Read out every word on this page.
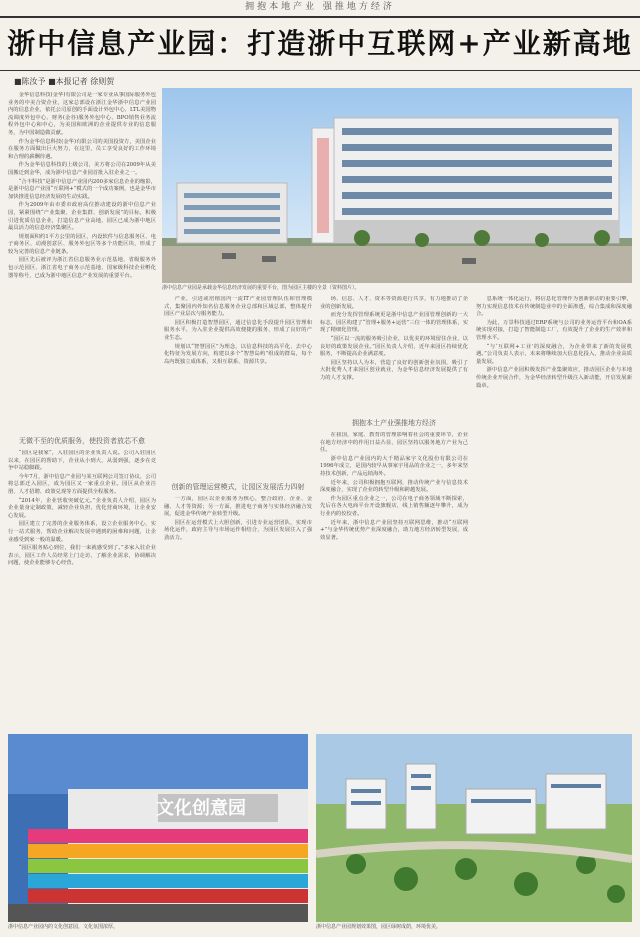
拥抱本地产业 强推地方经济
浙中信息产业园：打造浙中互联网+产业新高地
■陈汝予 ■本报记者 徐则贺
浙中信息产业园是承载金华信息经济发展的重要平台，图为园区主楼的全景（资料图片）。

金华信息科技(金华)有限公司是一家专业从事国际服务外包业务的中美合资企业，这家总部设在浙江金华浙中信息产业园内的信息企业，依托公司原创的手面设计外包中心、LTL美国物流调度外包中心、财务(金谷)服务外包中心、BPO销售业务流程外包中心和中心，为美国和欧洲的企业提供专业的信息服务，为中国制造做贡献。

作为金华信息科技(金华)有限公司的美国投资方，美国企业在服务方面做出巨大努力，在这里，员工享受良好的工作环境和合理的薪酬待遇。

作为金华信息科技的上级公司，美方将公司在2009年从美国搬迁到金华，成为浙中信息产业园首批入驻企业之一。

“合丰科技”是浙中信息产业园内200多家信息企业的缩影，是浙中信息产业园“互联网+”模式的一个成功案例，也是金华市加快推进信息经济发展的生动实践。

作为2009年由市委市政府高位推动建设的浙中信息产业园，紧紧围绕“产业集聚、企业集群、创新发展”的目标，积极引进优质信息企业，打造信息产业高地，园区已成为浙中地区最具活力的信息经济集聚区。

规划面积约1平方公里的园区，内设软件与信息服务区、电子商务区、动漫创意区、服务外包区等多个功能区块，形成了较为完善的信息产业链条。

园区先后被评为浙江省信息服务业示范基地、省级服务外包示范园区、浙江省电子商务示范基地、国家级科技企业孵化器等称号，已成为浙中地区信息产业发展的重要平台。

无微不至的优质服务，使投资者放芯不愈

“园区是我家”，入驻园区的企业负责人说。公司入驻园区以来，在园区的帮助下，企业从小到大，从弱到强，逐步在竞争中站稳脚跟。

今年7月，浙中信息产业园与某互联网公司签订协议，公司将总部迁入园区，成为园区又一家重点企业。园区从企业注册、人才招聘、政策兑现等方面提供全程服务。

“2014年，企业营收突破亿元。”企业负责人介绍，园区为企业量身定制政策，减轻企业负担，优化营商环境，让企业安心发展。

园区建立了完善的企业服务体系，设立企业服务中心，实行一站式服务，帮助企业解决发展中遇到的困难和问题，让企业感受到家一般的温暖。

“园区服务贴心到位，我们一来就感受到了。”多家入驻企业表示，园区工作人员经常上门走访，了解企业需求，协调解决问题，使企业能够专心经营。

产业，引进或培植国内一流IT产业园管理队伍和管理模式，集聚园内外知名信息服务企业总部和区域总部，整体提升园区产业层次与服务能力。

园区积极打造智慧园区，通过信息化手段提升园区管理和服务水平，为入驻企业提供高效便捷的服务，形成了良好的产业生态。

规划以“智慧园区”为理念，以信息科技的高平化、去中心化特征为发展方向，构建以多个“智慧岛屿”组成的群岛，每个岛内既独立成体系，又相互联系、资源共享。

创新的管理运营模式，让园区发展活力四射

一方面，园区以企业服务为核心，整合政府、企业、金融、人才等资源；另一方面，推进电子商务与实体经济融合发展，促进金华传统产业转型升级。

园区在运营模式上大胆创新，引进专业运营团队，实现市场化运作，政府主导与市场运作相结合，为园区发展注入了强劲活力。

场、信息、人才、资本等资源进行共享，有力地推动了企业的创新发展。

而充分发挥管理系统更是浙中信息产业园管理创新的一大标志，园区构建了“管理+服务+运营”三位一体的管理体系，实现了精细化管理。

“园区以一流的服务吸引企业，以优美的环境留住企业，以良好的政策发展企业。”园区负责人介绍，近年来园区持续优化服务，不断提高企业满意度。

园区坚持以人为本，营造了良好的创新创业氛围，吸引了大批优秀人才来园区创业就业，为金华信息经济发展提供了有力的人才支撑。

拥抱本土产业强推地方经济

在我国，家庭、教育的管理影响着社会的重要环节，企业在地方经济中的作用日益凸显，园区坚持以服务地方产业为己任。

浙中信息产业园内的大千精品家宇文化股份有限公司在1996年成立，是国内较早从事家宇用品的企业之一，多年来坚持技术创新，产品远销海外。

近年来，公司积极拥抱互联网，推动传统产业与信息技术深度融合，实现了企业的转型升级和跨越发展。

作为园区重点企业之一，公司在电子商务领域不断探索，先后在各大电商平台开设旗舰店，线上销售额逐年攀升，成为行业内的佼佼者。

近年来，浙中信息产业园坚持互联网思维，推动“互联网+”与金华传统优势产业深度融合，助力地方经济转型发展，成效显著。

息系统一体化运行，将信息化管理作为创新驱动的重要引擎，努力实现信息技术在传统制造业中的全面渗透，综合集成和深度融合。

为此，万景科技通过ERP系统与公司的业务运营平台和OA系统实现对接，打造了智能制造工厂，有效提升了企业的生产效率和管理水平。

“与‘互联网+工业’的深度融合，为企业带来了新的发展机遇。”公司负责人表示，未来将继续加大信息化投入，推动企业高质量发展。

浙中信息产业园积极发挥产业集聚效应，推动园区企业与本地传统企业开展合作，为金华经济转型升级注入新动能，开启发展新篇章。

文化创意园
浙中信息产业园内的文化创意园，文化氛围浓厚。	浙中信息产业园规划效果图，园区绿树成荫，环境优美。
